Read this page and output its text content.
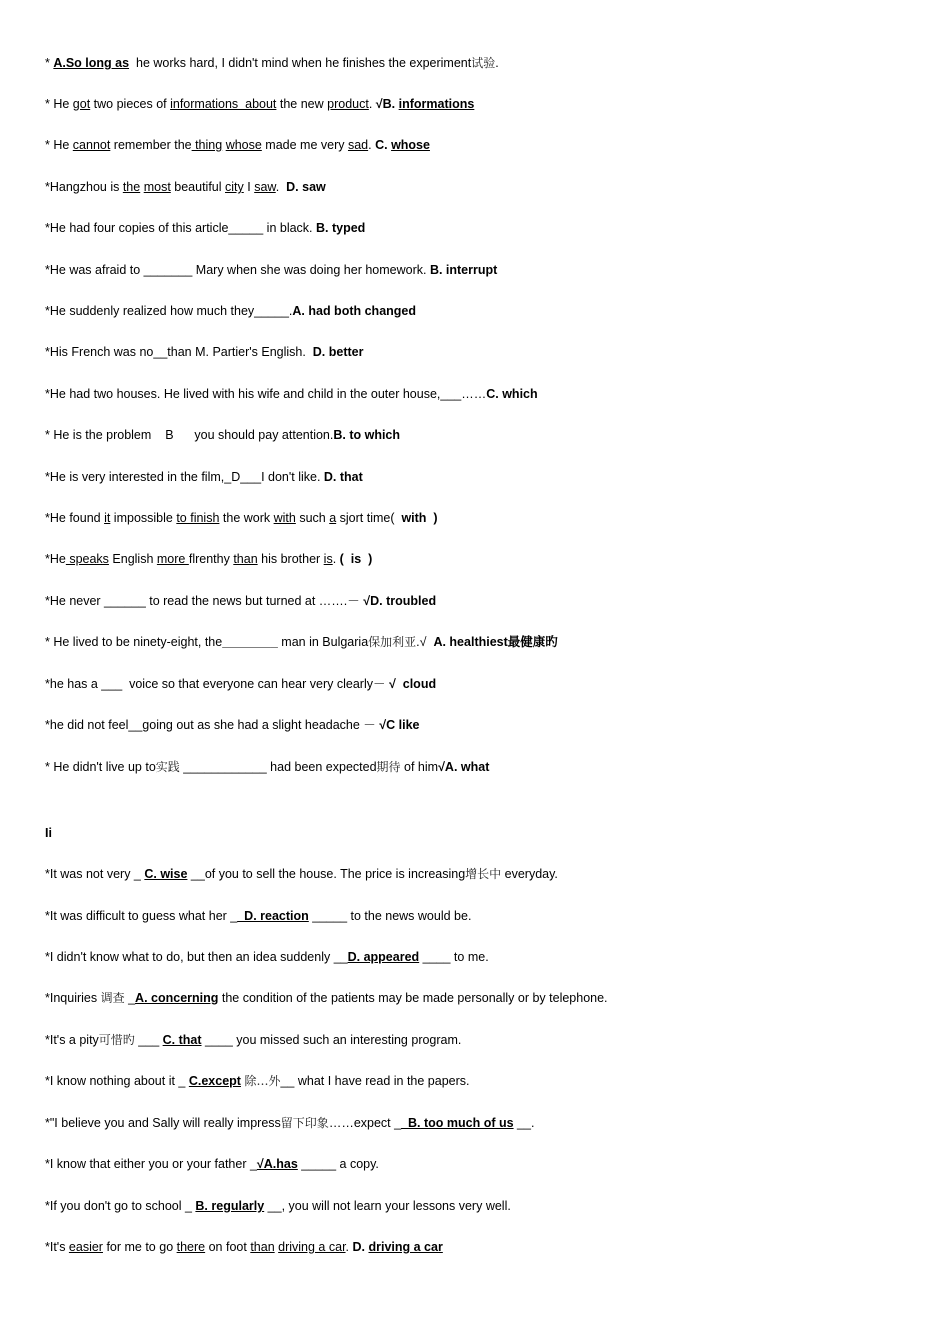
* A.So long as  he works hard, I didn't mind when he finishes the experiment试验.
* He got two pieces of informations  about the new product. √B. informations
* He cannot remember the thing whose made me very sad. C. whose
*Hangzhou is the most beautiful city I saw.  D. saw
*He had four copies of this article_____ in black. B. typed
*He was afraid to _______ Mary when she was doing her homework. B. interrupt
*He suddenly realized how much they_____.A. had both changed
*His French was no__than M. Partier's English.  D. better
*He had two houses. He lived with his wife and child in the outer house,___……C. which
* He is the problem    B      you should pay attention.B. to which
*He is very interested in the film,_D___I don't like. D. that
*He found it impossible to finish the work with such a sjort time(  with  )
*He speaks English more flrenthy than his brother is. (  is  )
*He never ______ to read the news but turned at …….－ √D. troubled
* He lived to be ninety-eight, the________ man in Bulgaria保加利亚.√  A. healthiest最健康旳
*he has a ___  voice so that everyone can hear very clearly－ √  cloud
*he did not feel__going out as she had a slight headache － √C like
* He didn't live up to实践 ____________ had been expected期待 of him√A. what
Ii
*It was not very _ C. wise __of you to sell the house. The price is increasing增长中 everyday.
*It was difficult to guess what her __D. reaction _____ to the news would be.
*I didn't know what to do, but then an idea suddenly __D. appeared ____ to me.
*Inquiries 调查 _A. concerning the condition of the patients may be made personally or by telephone.
*It's a pity可惜旳 ___ C. that ____ you missed such an interesting program.
*I know nothing about it _ C.except 除…外__ what I have read in the papers.
*"I believe you and Sally will really impress留下印象……expect __B. too much of us __.
*I know that either you or your father _√A.has _____ a copy.
*If you don't go to school _ B. regularly __, you will not learn your lessons very well.
*It's easier for me to go there on foot than driving a car. D. driving a car
